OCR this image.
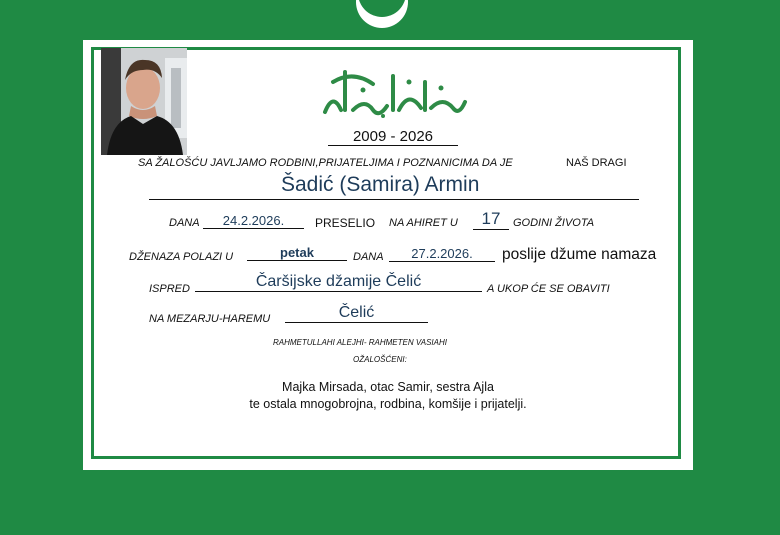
2009 - 2026
SA ŽALOŠĆU JAVLJAMO RODBINI,PRIJATELJIMA I POZNANICIMA DA JE	NAŠ DRAGI
Šadić (Samira) Armin
DANA	24.2.2026.	PRESELIO NA AHIRET U	17	GODINI ŽIVOTA
DŽENAZA POLAZI U	petak	DANA	27.2.2026.	poslije džume namaza
ISPRED	Čaršijske džamije Čelić	A UKOP ĆE SE OBAVITI
NA MEZARJU-HAREMU	Čelić
RAHMETULLAHI ALEJHI- RAHMETEN VASIAHI
OŽALOŠĆENI:
Majka Mirsada, otac Samir, sestra Ajla
te ostala mnogobrojna, rodbina, komšije i prijatelji.
